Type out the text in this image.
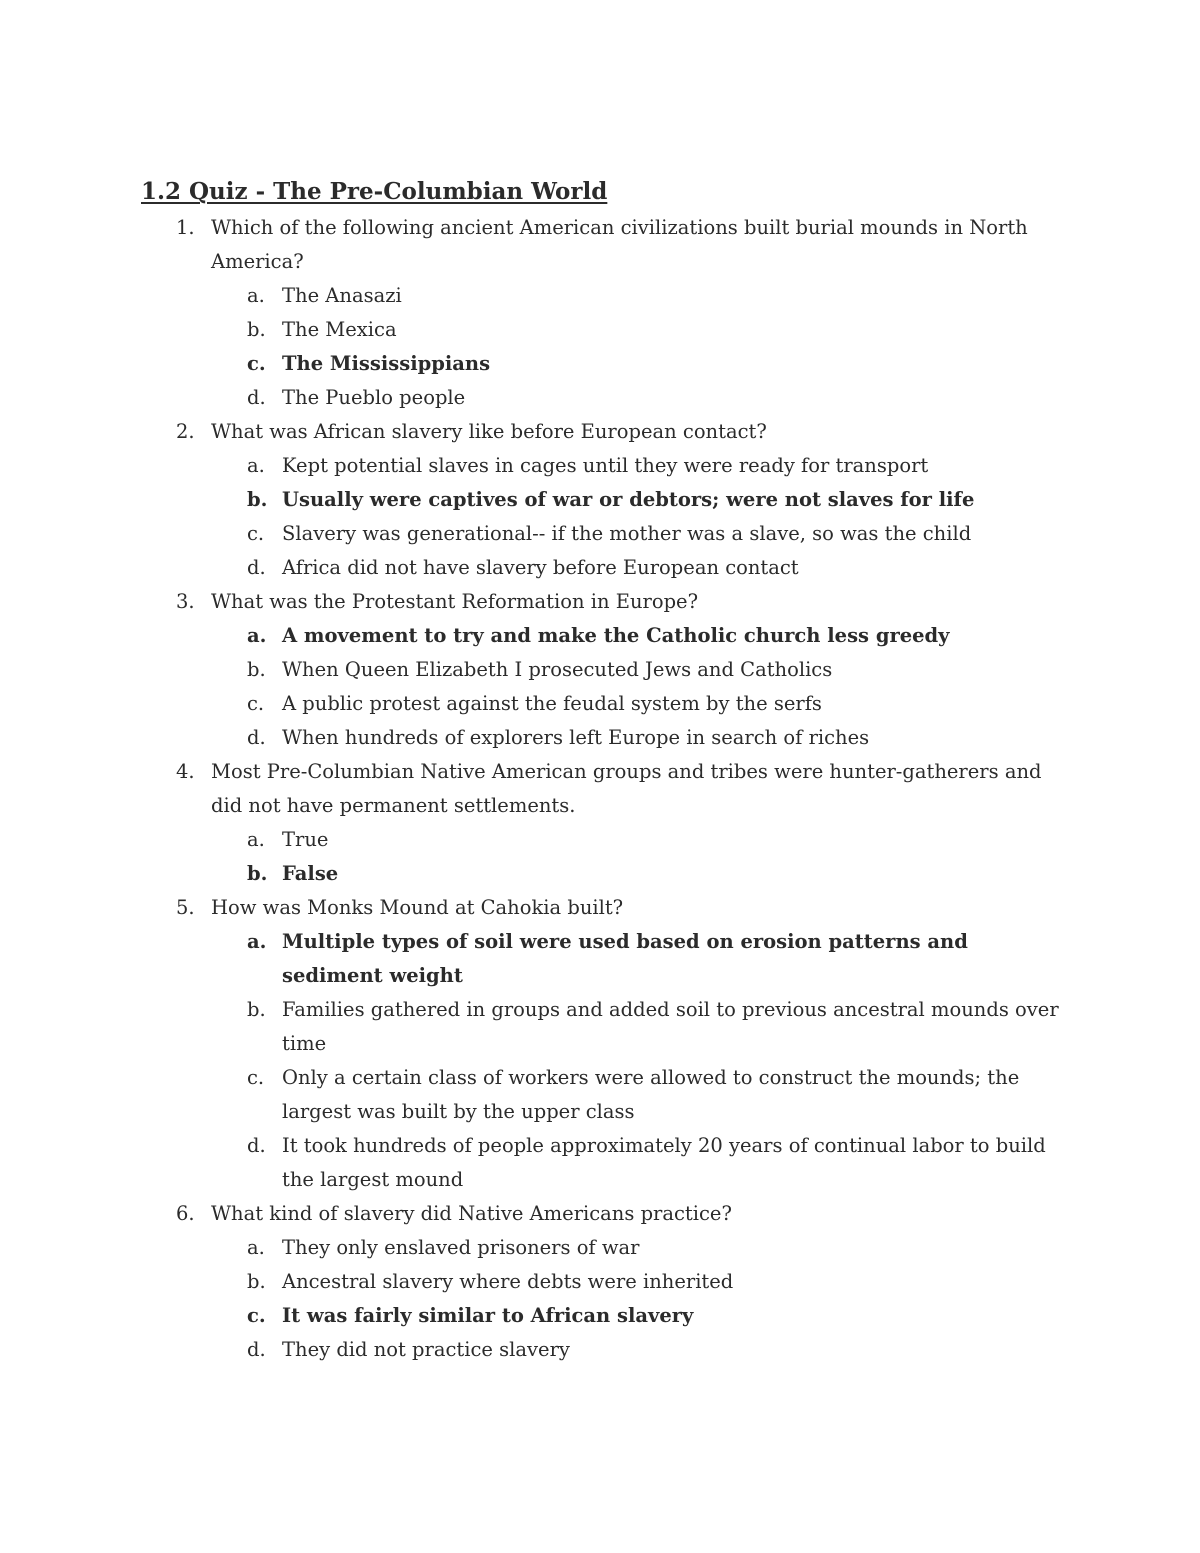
1.2 Quiz - The Pre-Columbian World
1. Which of the following ancient American civilizations built burial mounds in North America?
a. The Anasazi
b. The Mexica
c. The Mississippians
d. The Pueblo people
2. What was African slavery like before European contact?
a. Kept potential slaves in cages until they were ready for transport
b. Usually were captives of war or debtors; were not slaves for life
c. Slavery was generational-- if the mother was a slave, so was the child
d. Africa did not have slavery before European contact
3. What was the Protestant Reformation in Europe?
a. A movement to try and make the Catholic church less greedy
b. When Queen Elizabeth I prosecuted Jews and Catholics
c. A public protest against the feudal system by the serfs
d. When hundreds of explorers left Europe in search of riches
4. Most Pre-Columbian Native American groups and tribes were hunter-gatherers and did not have permanent settlements.
a. True
b. False
5. How was Monks Mound at Cahokia built?
a. Multiple types of soil were used based on erosion patterns and sediment weight
b. Families gathered in groups and added soil to previous ancestral mounds over time
c. Only a certain class of workers were allowed to construct the mounds; the largest was built by the upper class
d. It took hundreds of people approximately 20 years of continual labor to build the largest mound
6. What kind of slavery did Native Americans practice?
a. They only enslaved prisoners of war
b. Ancestral slavery where debts were inherited
c. It was fairly similar to African slavery
d. They did not practice slavery
